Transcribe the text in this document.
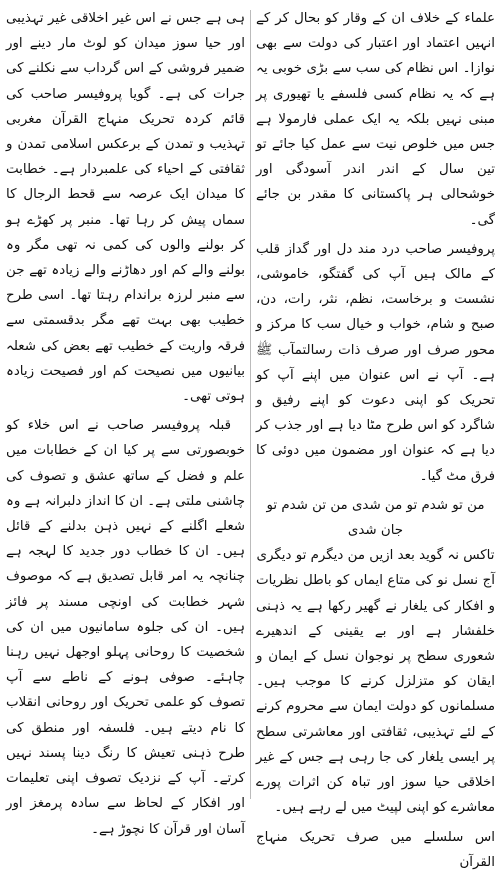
ہی ہے جس نے اس غیر اخلاقی غیر تہذیبی اور حیا سوز میدان کو لوٹ مار دینے اور ضمیر فروشی کے اس گرداب سے نکلنے کی جرات کی ہے۔ گویا پروفیسر صاحب کی قائم کردہ تحریک منہاج القرآن مغربی تہذیب و تمدن کے برعکس اسلامی تمدن و ثقافتی کے احیاء کی علمبردار ہے۔ خطابت کا میدان ایک عرصہ سے قحط الرجال کا سماں پیش کر رہا تھا۔ منبر پر کھڑے ہو کر بولنے والوں کی کمی نہ تھی مگر وہ بولنے والے کم اور دھاڑنے والے زیادہ تھے جن سے منبر لرزہ براندام رہتا تھا۔ اسی طرح خطیب بھی بہت تھے مگر بدقسمتی سے فرقہ واریت کے خطیب تھے بعض کی شعلہ بیانیوں میں نصیحت کم اور فصیحت زیادہ ہوتی تھی۔

قبلہ پروفیسر صاحب نے اس خلاء کو خوبصورتی سے پر کیا ان کے خطابات میں علم و فضل کے ساتھ عشق و تصوف کی چاشنی ملتی ہے۔ ان کا انداز دلبرانہ ہے وہ شعلے اگلنے کے نہیں ذہن بدلنے کے قائل ہیں۔ ان کا خطاب دور جدید کا لہجہ ہے چنانچہ یہ امر قابل تصدیق ہے کہ موصوف شہر خطابت کی اونچی مسند پر فائز ہیں۔ ان کی جلوہ سامانیوں میں ان کی شخصیت کا روحانی پہلو اوجھل نہیں رہنا چاہئے۔ صوفی ہونے کے ناطے سے آپ تصوف کو علمی تحریک اور روحانی انقلاب کا نام دیتے ہیں۔ فلسفہ اور منطق کی طرح ذہنی تعیش کا رنگ دینا پسند نہیں کرتے۔ آپ کے نزدیک تصوف اپنی تعلیمات اور افکار کے لحاظ سے سادہ پرمغز اور آسان اور قرآن کا نچوڑ ہے۔

علماء کے خلاف ان کے وقار کو بحال کر کے انہیں اعتماد اور اعتبار کی دولت سے بھی نوازا۔ اس نظام کی سب سے بڑی خوبی یہ ہے کہ یہ نظام کسی فلسفے یا تھیوری پر مبنی نہیں بلکہ یہ ایک عملی فارمولا ہے جس میں خلوص نیت سے عمل کیا جائے تو تین سال کے اندر اندر آسودگی اور خوشحالی ہر پاکستانی کا مقدر بن جائے گی۔

پروفیسر صاحب درد مند دل اور گداز قلب کے مالک ہیں آپ کی گفتگو، خاموشی، نشست و برخاست، نظم، نثر، رات، دن، صبح و شام، خواب و خیال سب کا مرکز و محور صرف اور صرف ذات رسالتمآب ﷺ ہے۔ آپ نے اس عنوان میں اپنے آپ کو تحریک کو اپنی دعوت کو اپنے رفیق و شاگرد کو اس طرح مٹا دیا ہے اور جذب کر دیا ہے کہ عنوان اور مضمون میں دوئی کا فرق مٹ گیا۔

من تو شدم تو من شدی من تن شدم تو جان شدی

تاکس نہ گوید بعد ازیں من دیگرم تو دیگری

آج نسل نو کی متاع ایماں کو باطل نظریات و افکار کی یلغار نے گھیر رکھا ہے یہ ذہنی خلفشار ہے اور بے یقینی کے اندھیرے شعوری سطح پر نوجوان نسل کے ایمان و ایقان کو متزلزل کرنے کا موجب ہیں۔ مسلمانوں کو دولت ایمان سے محروم کرنے کے لئے تہذیبی، ثقافتی اور معاشرتی سطح پر ایسی یلغار کی جا رہی ہے جس کے غیر اخلاقی حیا سوز اور تباہ کن اثرات پورے معاشرے کو اپنی لپیٹ میں لے رہے ہیں۔

اس سلسلے میں صرف تحریک منہاج القرآن
